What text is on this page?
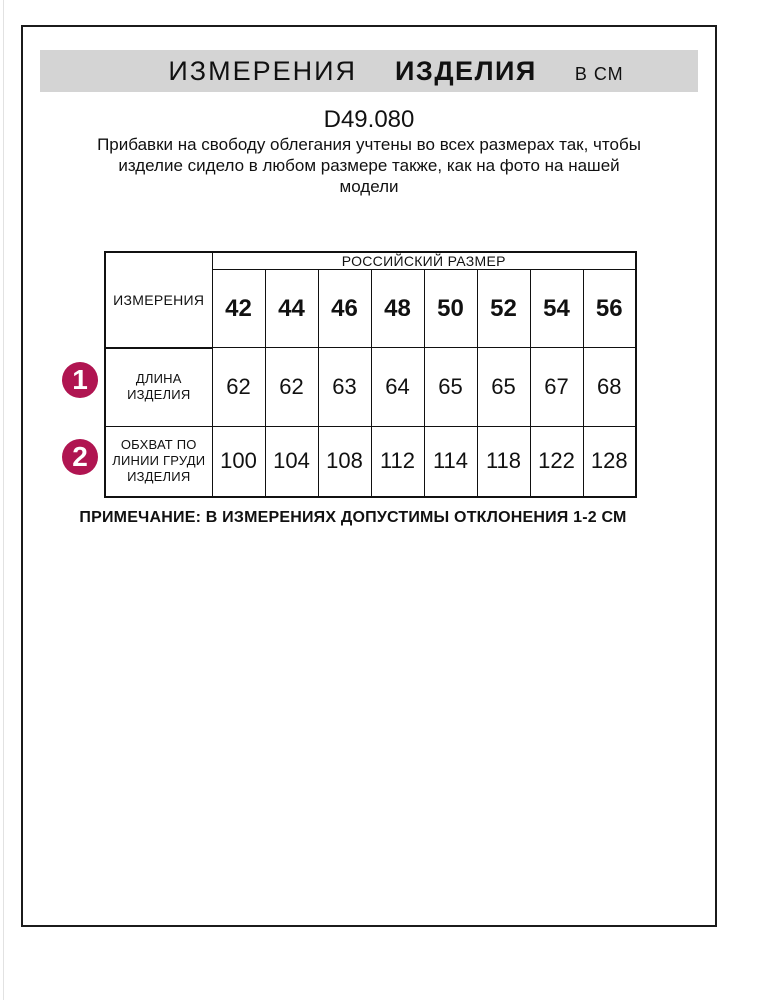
ИЗМЕРЕНИЯ ИЗДЕЛИЯ В СМ
D49.080
Прибавки на свободу облегания учтены во всех размерах так, чтобы
изделие сидело в любом размере также, как на фото на нашей
модели
ИЗМЕРЕНИЯ	РОССИЙСКИЙ РАЗМЕР							
	42	44	46	48	50	52	54	56

ДЛИНА
ИЗДЕЛИЯ	62	62	63	64	65	65	67	68

ОБХВАТ ПО
ЛИНИИ ГРУДИ
ИЗДЕЛИЯ	100	104	108	112	114	118	122	128
1
2
ПРИМЕЧАНИЕ: В ИЗМЕРЕНИЯХ ДОПУСТИМЫ ОТКЛОНЕНИЯ 1-2 СМ
